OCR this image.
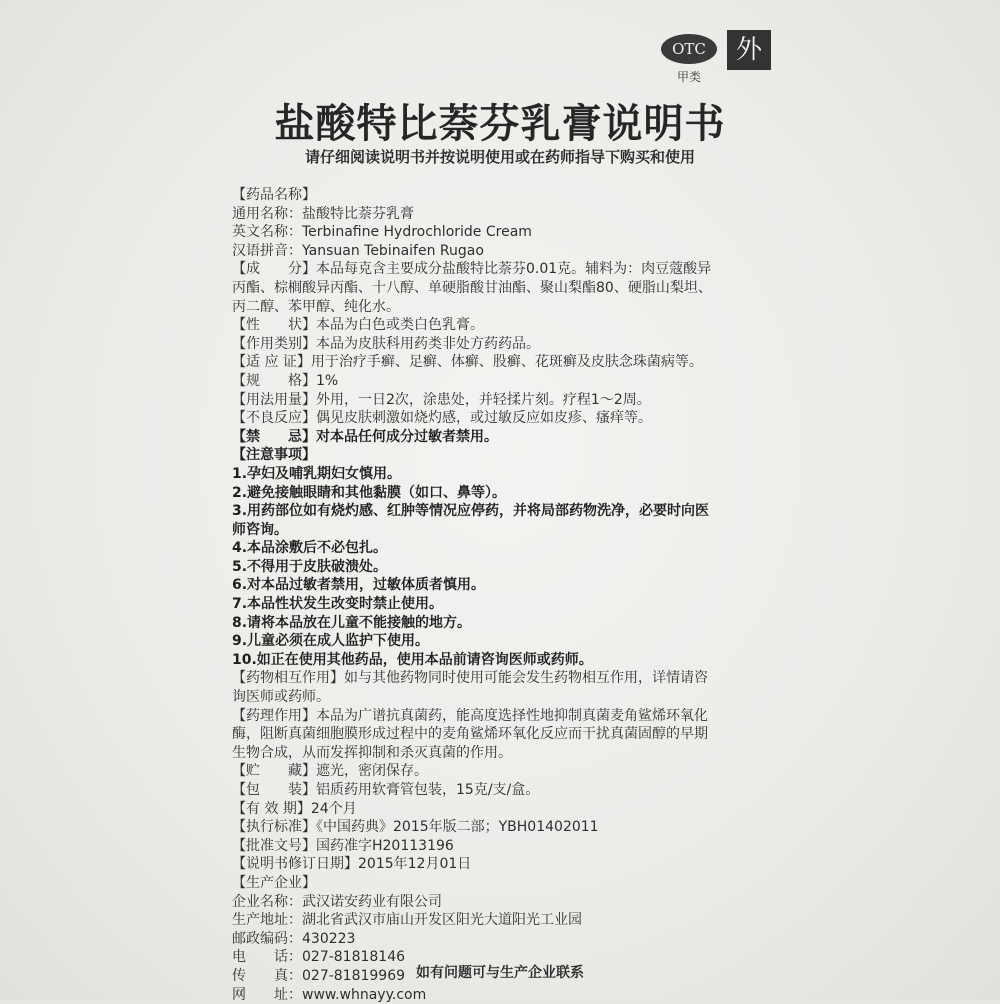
OTC
甲类
外
盐酸特比萘芬乳膏说明书
请仔细阅读说明书并按说明使用或在药师指导下购买和使用
【药品名称】
通用名称：盐酸特比萘芬乳膏
英文名称：Terbinafine Hydrochloride Cream
汉语拼音：Yansuan Tebinaifen Rugao
【成　　分】本品每克含主要成分盐酸特比萘芬0.01克。辅料为：肉豆蔻酸异
丙酯、棕榈酸异丙酯、十八醇、单硬脂酸甘油酯、聚山梨酯80、硬脂山梨坦、
丙二醇、苯甲醇、纯化水。
【性　　状】本品为白色或类白色乳膏。
【作用类别】本品为皮肤科用药类非处方药药品。
【适 应 证】用于治疗手癣、足癣、体癣、股癣、花斑癣及皮肤念珠菌病等。
【规　　格】1%
【用法用量】外用，一日2次，涂患处，并轻揉片刻。疗程1～2周。
【不良反应】偶见皮肤刺激如烧灼感，或过敏反应如皮疹、瘙痒等。
【禁　　忌】对本品任何成分过敏者禁用。
【注意事项】
1.孕妇及哺乳期妇女慎用。
2.避免接触眼睛和其他黏膜（如口、鼻等）。
3.用药部位如有烧灼感、红肿等情况应停药，并将局部药物洗净，必要时向医
师咨询。
4.本品涂敷后不必包扎。
5.不得用于皮肤破溃处。
6.对本品过敏者禁用，过敏体质者慎用。
7.本品性状发生改变时禁止使用。
8.请将本品放在儿童不能接触的地方。
9.儿童必须在成人监护下使用。
10.如正在使用其他药品，使用本品前请咨询医师或药师。
【药物相互作用】如与其他药物同时使用可能会发生药物相互作用，详情请咨
询医师或药师。
【药理作用】本品为广谱抗真菌药，能高度选择性地抑制真菌麦角鲨烯环氧化
酶，阻断真菌细胞膜形成过程中的麦角鲨烯环氧化反应而干扰真菌固醇的早期
生物合成，从而发挥抑制和杀灭真菌的作用。
【贮　　藏】遮光，密闭保存。
【包　　装】铝质药用软膏管包装，15克/支/盒。
【有 效 期】24个月
【执行标准】《中国药典》2015年版二部；YBH01402011
【批准文号】国药准字H20113196
【说明书修订日期】2015年12月01日
【生产企业】
企业名称：武汉诺安药业有限公司
生产地址：湖北省武汉市庙山开发区阳光大道阳光工业园
邮政编码：430223
电　　话：027-81818146
传　　真：027-81819969
网　　址：www.whnayy.com
如有问题可与生产企业联系
